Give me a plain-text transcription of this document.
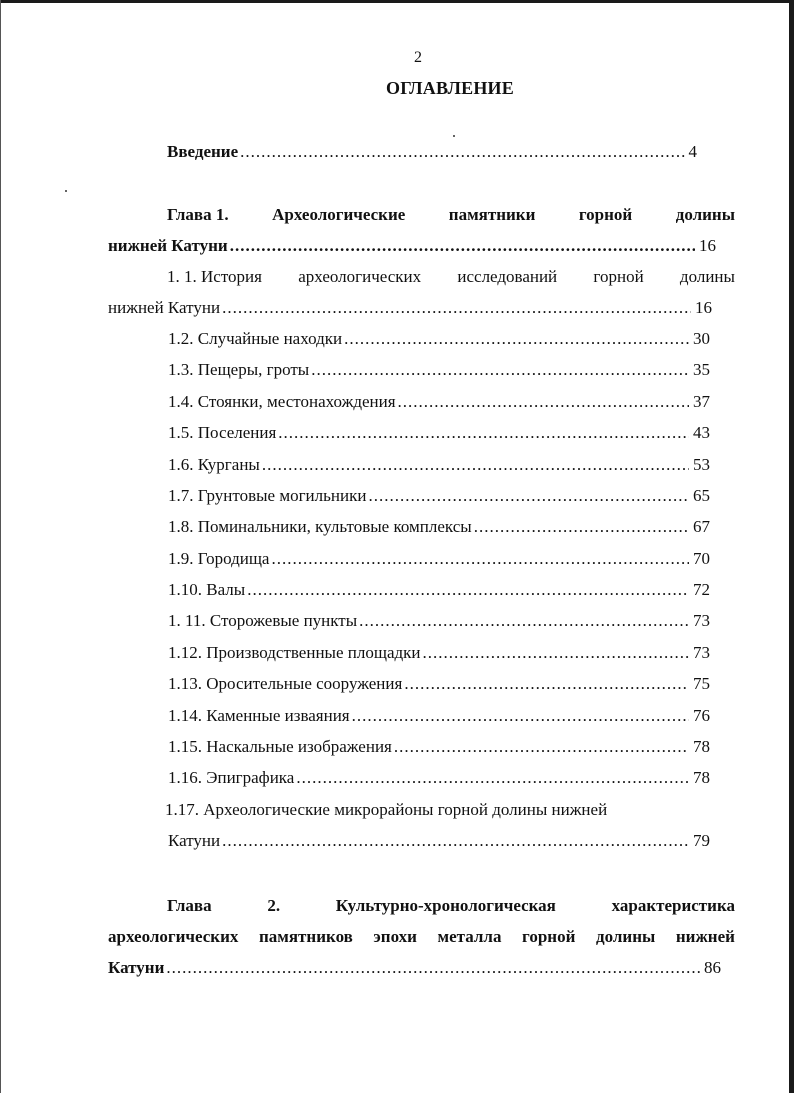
2
ОГЛАВЛЕНИЕ
Введение .....	4
Глава 1.	Археологические	памятники	горной	долины
нижней Катуни .....	16
1. 1. История археологических исследований горной долины
нижней Катуни .....	16
1.2. Случайные находки .....	30
1.3. Пещеры, гроты .....	35
1.4. Стоянки, местонахождения .....	37
1.5. Поселения .....	43
1.6. Курганы .....	53
1.7. Грунтовые могильники .....	65
1.8. Поминальники, культовые комплексы .....	67
1.9. Городища .....	70
1.10. Валы .....	72
1. 11. Сторожевые пункты .....	73
1.12. Производственные площадки .....	73
1.13. Оросительные сооружения .....	75
1.14. Каменные изваяния .....	76
1.15. Наскальные изображения .....	78
1.16. Эпиграфика .....	78
1.17. Археологические микрорайоны горной долины нижней
Катуни .....	79
Глава	2.	Культурно-хронологическая	характеристика
археологических памятников эпохи металла горной долины нижней
Катуни .....	86
